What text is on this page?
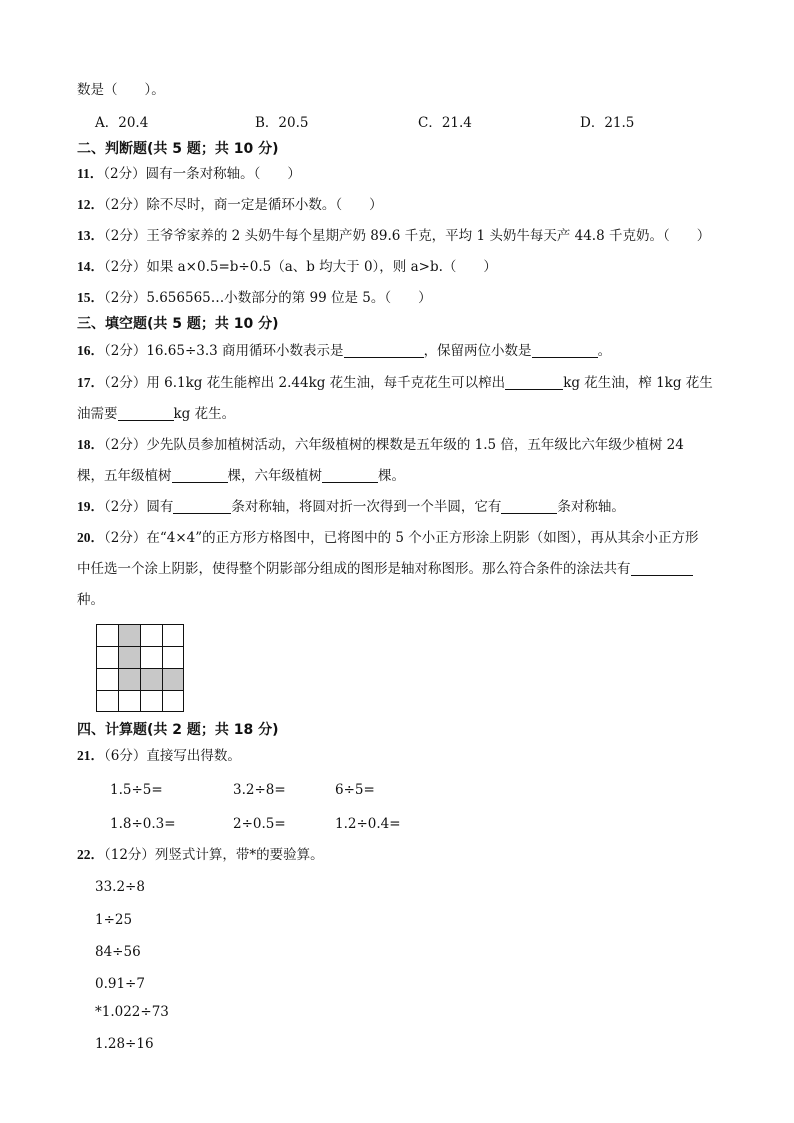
数是（　　）。
A．20.4	B．20.5	C．21.4	D．21.5
二、判断题(共 5 题；共 10 分)
11．（2分）圆有一条对称轴。（　　）
12．（2分）除不尽时，商一定是循环小数。（　　）
13．（2分）王爷爷家养的 2 头奶牛每个星期产奶 89.6 千克，平均 1 头奶牛每天产 44.8 千克奶。（　　）
14．（2分）如果 a×0.5=b÷0.5（a、b 均大于 0），则 a>b.（　　）
15．（2分）5.656565…小数部分的第 99 位是 5。（　　）
三、填空题(共 5 题；共 10 分)
16．（2分）16.65÷3.3 商用循环小数表示是	，保留两位小数是	。
17．（2分）用 6.1kg 花生能榨出 2.44kg 花生油，每千克花生可以榨出	kg 花生油，榨 1kg 花生
油需要	kg 花生。
18．（2分）少先队员参加植树活动，六年级植树的棵数是五年级的 1.5 倍，五年级比六年级少植树 24
棵，五年级植树	棵，六年级植树	棵。
19．（2分）圆有	条对称轴，将圆对折一次得到一个半圆，它有	条对称轴。
20．（2分）在“4×4”的正方形方格图中，已将图中的 5 个小正方形涂上阴影（如图），再从其余小正方形
中任选一个涂上阴影，使得整个阴影部分组成的图形是轴对称图形。那么符合条件的涂法共有
种。
四、计算题(共 2 题；共 18 分)
21．（6分）直接写出得数。
1.5÷5=	3.2÷8=	6÷5=
1.8÷0.3=	2÷0.5=	1.2÷0.4=
22．（12分）列竖式计算，带*的要验算。
33.2÷8
1÷25
84÷56
0.91÷7
*1.022÷73
1.28÷16
